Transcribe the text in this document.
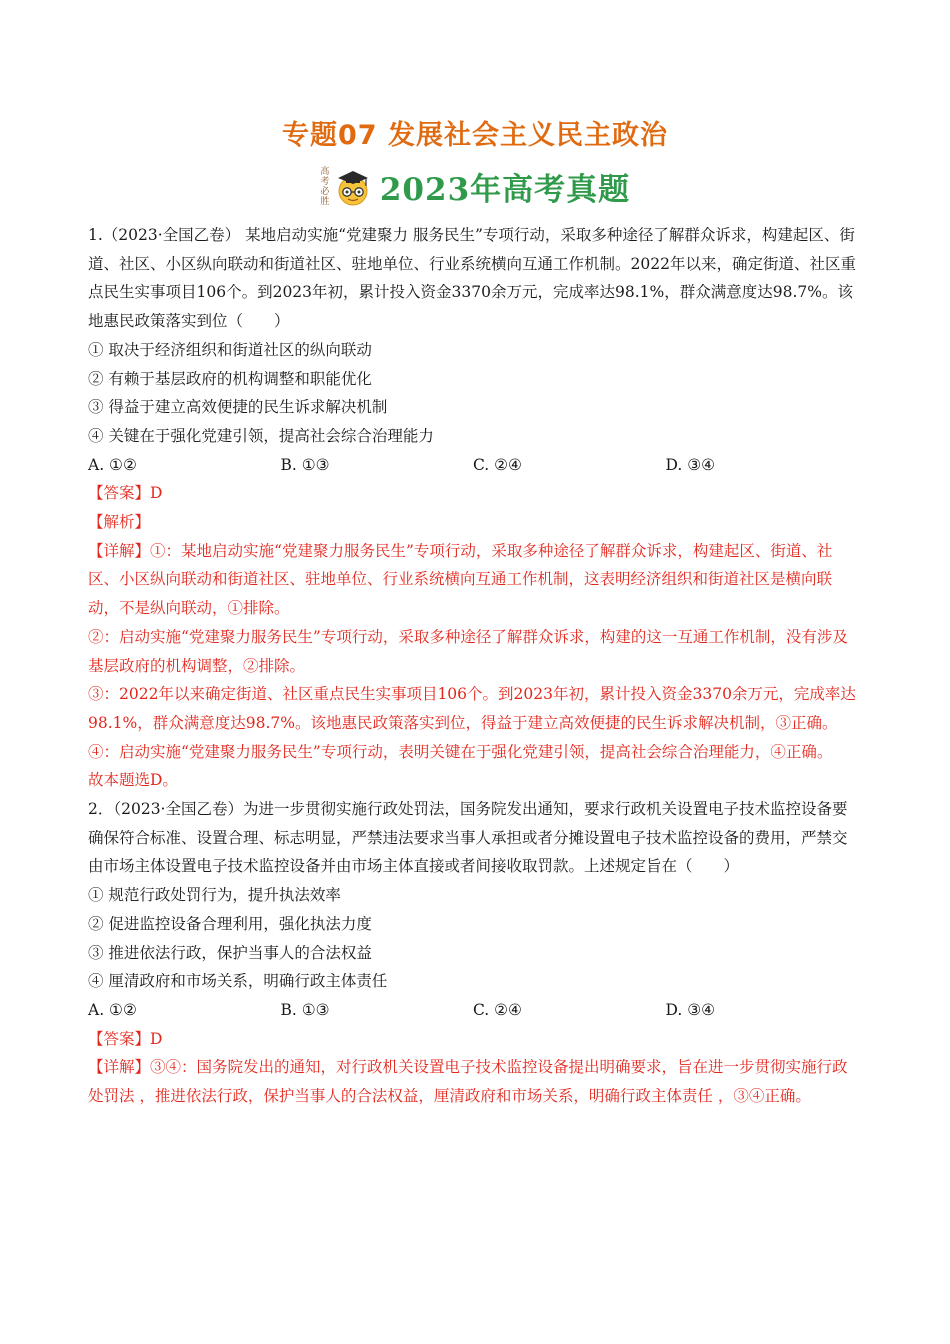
专题07 发展社会主义民主政治
高考必胜 2023年高考真题

1.（2023·全国乙卷） 某地启动实施“党建聚力 服务民生”专项行动，采取多种途径了解群众诉求，构建起区、街道、社区、小区纵向联动和街道社区、驻地单位、行业系统横向互通工作机制。2022年以来，确定街道、社区重点民生实事项目106个。到2023年初，累计投入资金3370余万元，完成率达98.1%，群众满意度达98.7%。该地惠民政策落实到位（　　）

① 取决于经济组织和街道社区的纵向联动

② 有赖于基层政府的机构调整和职能优化

③ 得益于建立高效便捷的民生诉求解决机制

④ 关键在于强化党建引领，提高社会综合治理能力

A. ①②	B. ①③	C. ②④	D. ③④

【答案】D

【解析】

【详解】①：某地启动实施“党建聚力服务民生”专项行动，采取多种途径了解群众诉求，构建起区、街道、社区、小区纵向联动和街道社区、驻地单位、行业系统横向互通工作机制，这表明经济组织和街道社区是横向联动，不是纵向联动，①排除。

②：启动实施“党建聚力服务民生”专项行动，采取多种途径了解群众诉求，构建的这一互通工作机制，没有涉及基层政府的机构调整，②排除。

③：2022年以来确定街道、社区重点民生实事项目106个。到2023年初，累计投入资金3370余万元，完成率达98.1%，群众满意度达98.7%。该地惠民政策落实到位，得益于建立高效便捷的民生诉求解决机制，③正确。

④：启动实施“党建聚力服务民生”专项行动，表明关键在于强化党建引领，提高社会综合治理能力，④正确。

故本题选D。

2．（2023·全国乙卷）为进一步贯彻实施行政处罚法，国务院发出通知，要求行政机关设置电子技术监控设备要确保符合标准、设置合理、标志明显，严禁违法要求当事人承担或者分摊设置电子技术监控设备的费用，严禁交由市场主体设置电子技术监控设备并由市场主体直接或者间接收取罚款。上述规定旨在（　　）

① 规范行政处罚行为，提升执法效率

② 促进监控设备合理利用，强化执法力度

③ 推进依法行政，保护当事人的合法权益

④ 厘清政府和市场关系，明确行政主体责任

A. ①②	B. ①③	C. ②④	D. ③④

【答案】D

【详解】③④：国务院发出的通知，对行政机关设置电子技术监控设备提出明确要求，旨在进一步贯彻实施行政处罚法 ，推进依法行政，保护当事人的合法权益，厘清政府和市场关系，明确行政主体责任 ，③④正确。
